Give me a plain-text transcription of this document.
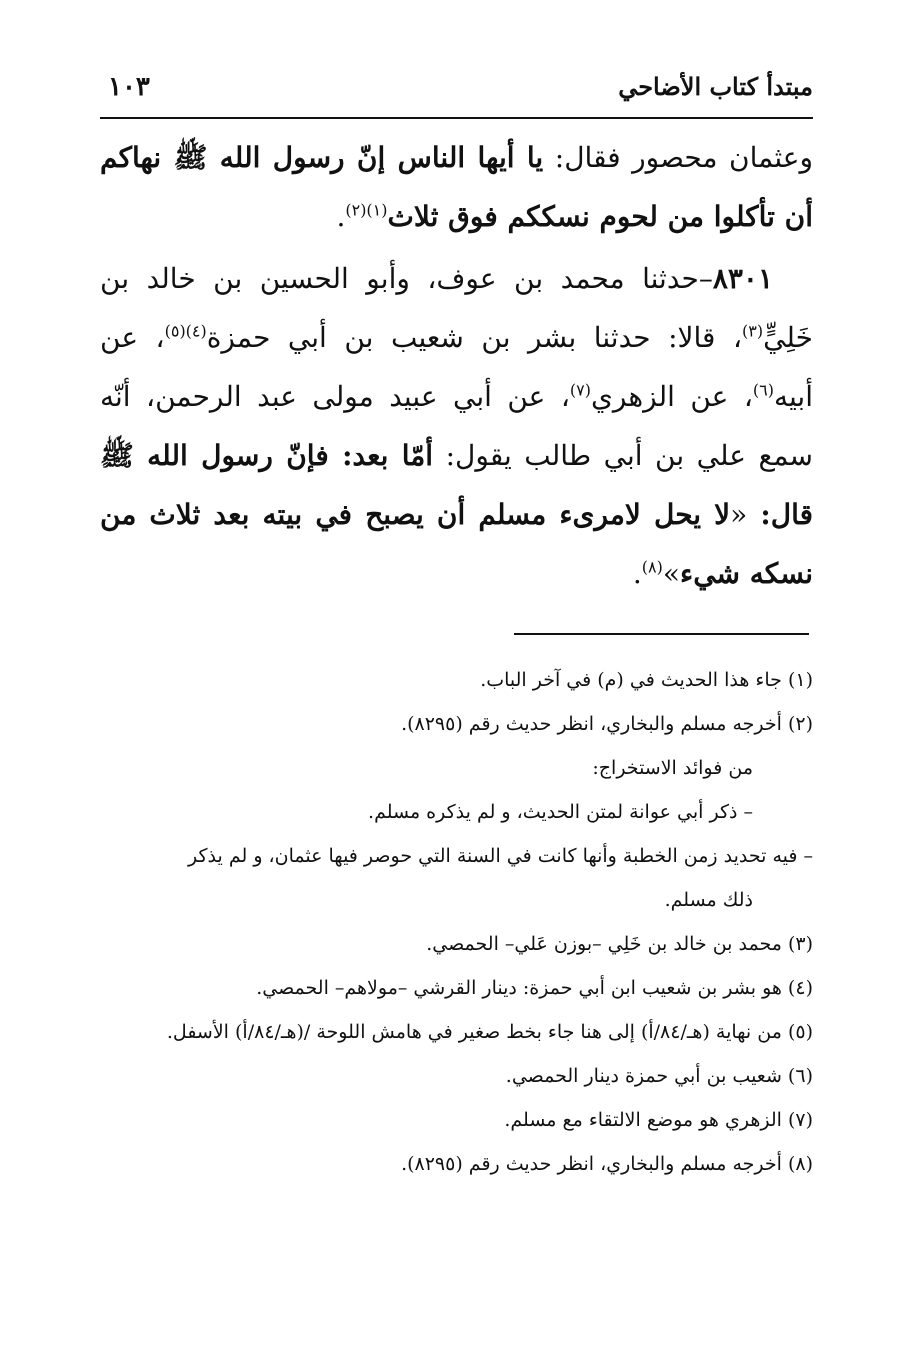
مبتدأ كتاب الأضاحي
١٠٣

وعثمان محصور فقال: يا أيها الناس إنّ رسول الله ﷺ نهاكم أن تأكلوا من لحوم نسككم فوق ثلاث$^{(١)(٢)}$.

٨٣٠١–حدثنا محمد بن عوف، وأبو الحسين بن خالد بن خَلِيٍّ$^{(٣)}$، قالا: حدثنا بشر بن شعيب بن أبي حمزة$^{(٤)(٥)}$، عن أبيه$^{(٦)}$، عن الزهري$^{(٧)}$، عن أبي عبيد مولى عبد الرحمن، أنّه سمع علي بن أبي طالب يقول: أمّا بعد: فإنّ رسول الله ﷺ قال: «لا يحل لامرىء مسلم أن يصبح في بيته بعد ثلاث من نسكه شيء»$^{(٨)}$.

(١) جاء هذا الحديث في (م) في آخر الباب.

(٢) أخرجه مسلم والبخاري، انظر حديث رقم (٨٢٩٥).

من فوائد الاستخراج:

– ذكر أبي عوانة لمتن الحديث، و لم يذكره مسلم.

– فيه تحديد زمن الخطبة وأنها كانت في السنة التي حوصر فيها عثمان، و لم يذكر

ذلك مسلم.

(٣) محمد بن خالد بن خَلِي –بوزن عَلي– الحمصي.

(٤) هو بشر بن شعيب ابن أبي حمزة: دينار القرشي –مولاهم– الحمصي.

(٥) من نهاية (هـ/٨٤/أ) إلى هنا جاء بخط صغير في هامش اللوحة /(هـ/٨٤/أ) الأسفل.

(٦) شعيب بن أبي حمزة دينار الحمصي.

(٧) الزهري هو موضع الالتقاء مع مسلم.

(٨) أخرجه مسلم والبخاري، انظر حديث رقم (٨٢٩٥).
